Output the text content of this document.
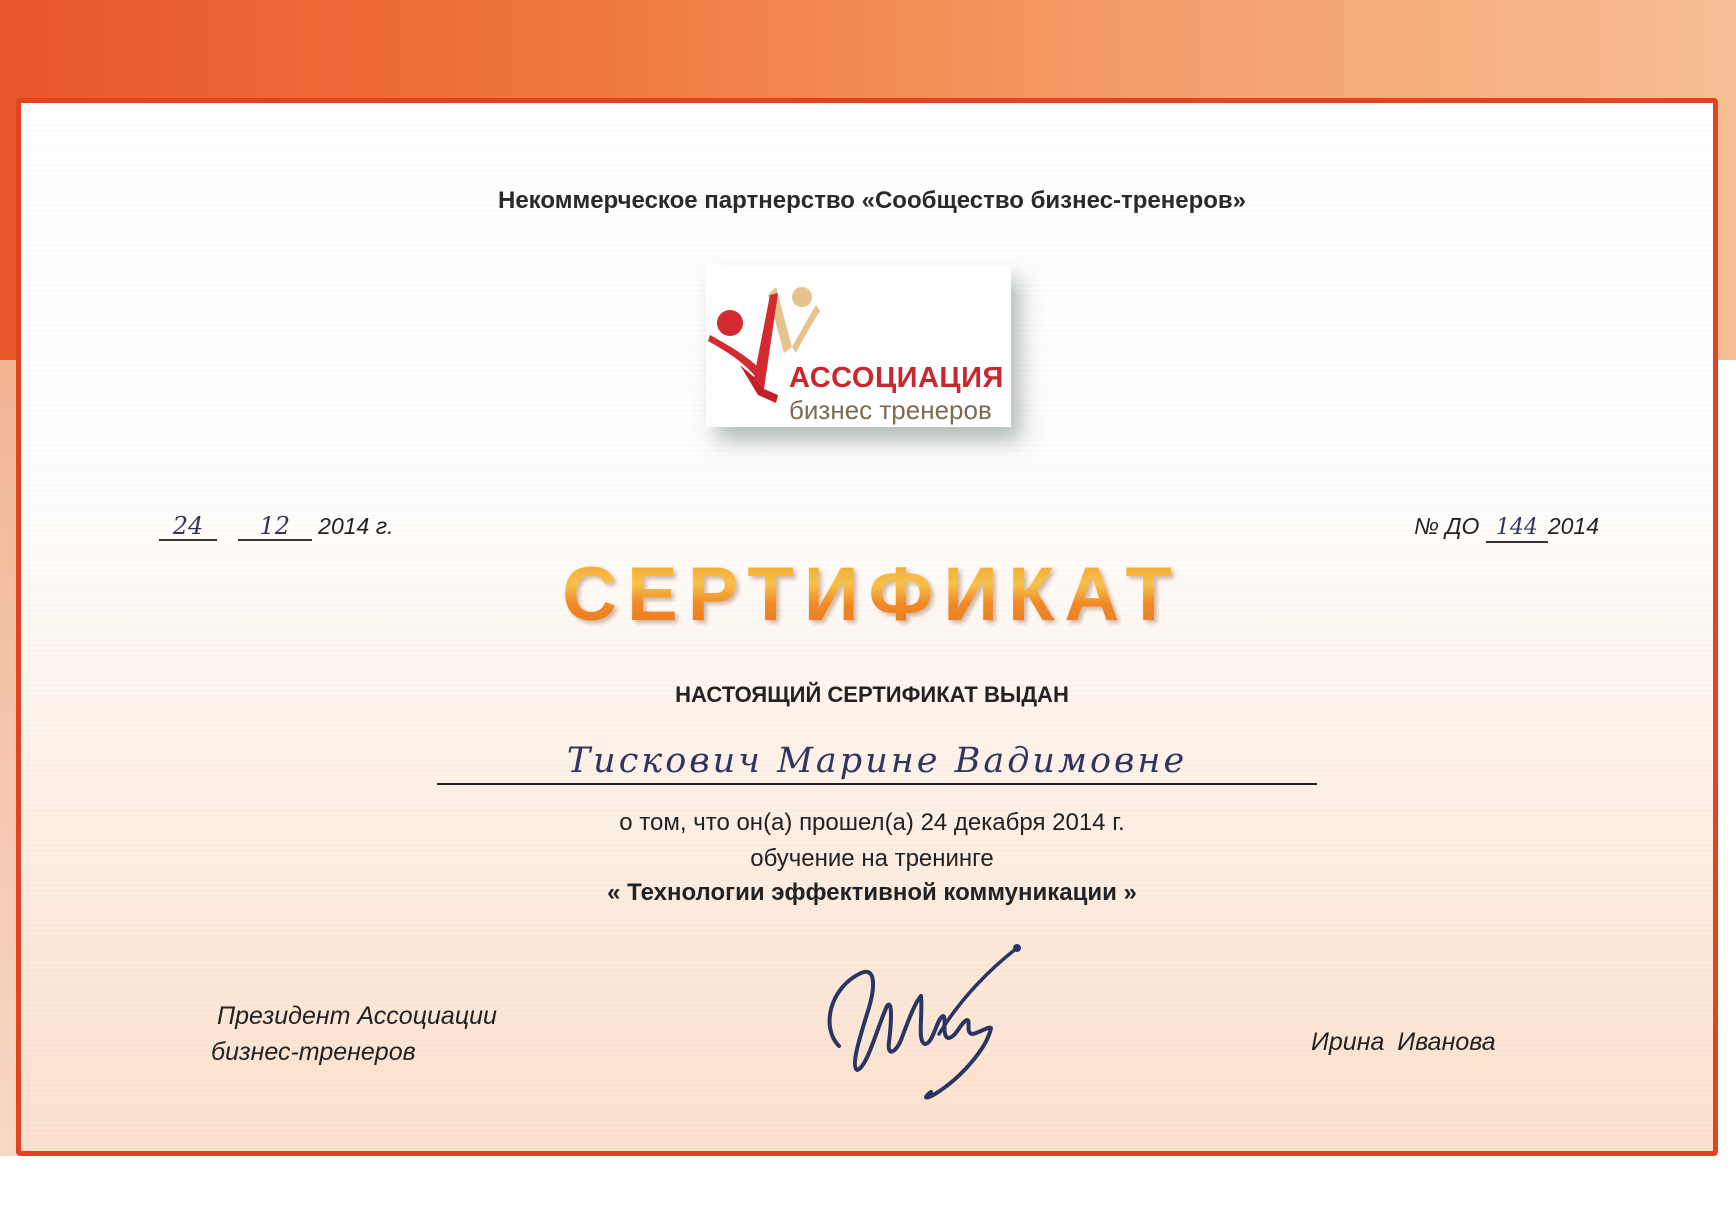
Некоммерческое партнерство «Сообщество бизнес-тренеров»
АССОЦИАЦИЯ
бизнес тренеров
24 12 2014 г.	№ ДО 144 2014
СЕРТИФИКАТ
НАСТОЯЩИЙ СЕРТИФИКАТ ВЫДАН
Тискович Марине Вадимовне
о том, что он(а) прошел(а) 24 декабря 2014 г.
обучение на тренинге
« Технологии эффективной коммуникации »
Президент Ассоциации
бизнес-тренеров	Ирина Иванова
